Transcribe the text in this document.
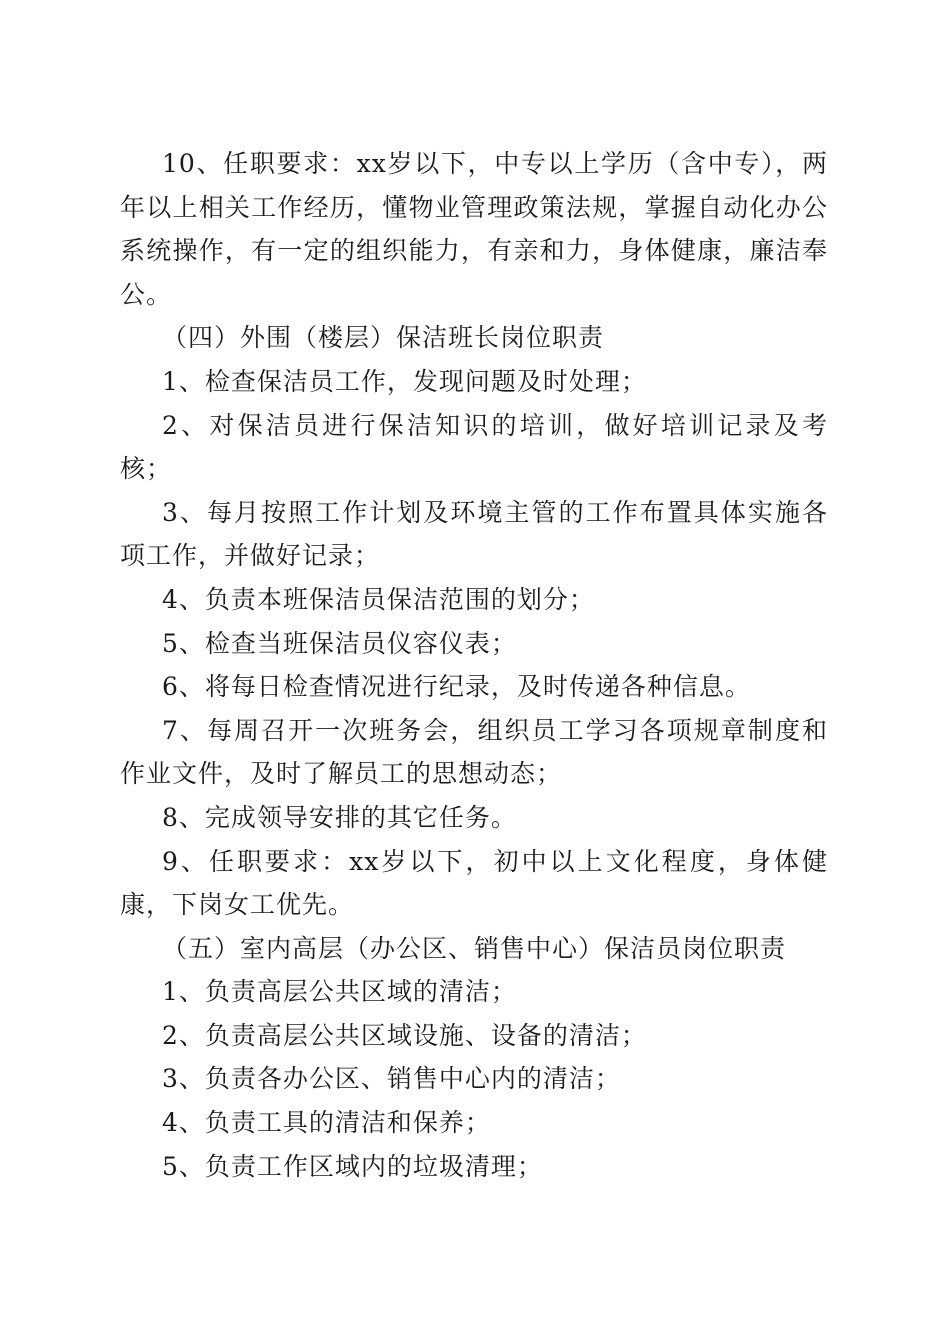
10、任职要求：xx岁以下，中专以上学历（含中专），两年以上相关工作经历，懂物业管理政策法规，掌握自动化办公系统操作，有一定的组织能力，有亲和力，身体健康，廉洁奉公。

（四）外围（楼层）保洁班长岗位职责

1、检查保洁员工作，发现问题及时处理；

2、对保洁员进行保洁知识的培训，做好培训记录及考核；

3、每月按照工作计划及环境主管的工作布置具体实施各项工作，并做好记录；

4、负责本班保洁员保洁范围的划分；

5、检查当班保洁员仪容仪表；

6、将每日检查情况进行纪录，及时传递各种信息。

7、每周召开一次班务会，组织员工学习各项规章制度和作业文件，及时了解员工的思想动态；

8、完成领导安排的其它任务。

9、任职要求：xx岁以下，初中以上文化程度，身体健康，下岗女工优先。

（五）室内高层（办公区、销售中心）保洁员岗位职责

1、负责高层公共区域的清洁；

2、负责高层公共区域设施、设备的清洁；

3、负责各办公区、销售中心内的清洁；

4、负责工具的清洁和保养；

5、负责工作区域内的垃圾清理；
